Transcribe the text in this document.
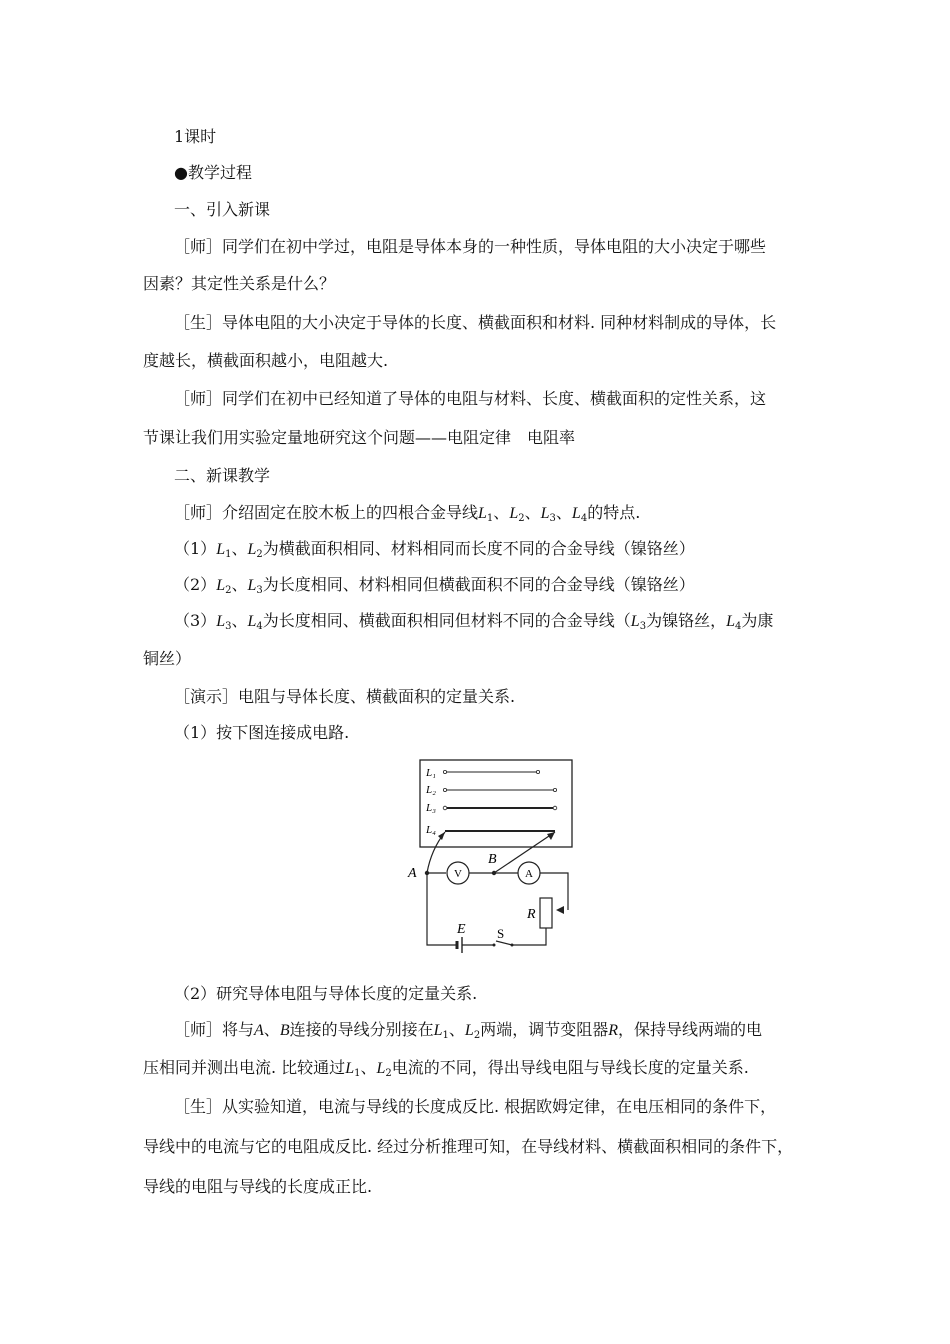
1课时
●教学过程
一、引入新课
［师］同学们在初中学过，电阻是导体本身的一种性质，导体电阻的大小决定于哪些
因素？其定性关系是什么？
［生］导体电阻的大小决定于导体的长度、横截面积和材料. 同种材料制成的导体，长
度越长，横截面积越小，电阻越大.
［师］同学们在初中已经知道了导体的电阻与材料、长度、横截面积的定性关系，这
节课让我们用实验定量地研究这个问题——电阻定律　电阻率
二、新课教学
［师］介绍固定在胶木板上的四根合金导线$L_1$、$L_2$、$L_3$、$L_4$的特点.
$(1)L_1$、$L_2$为横截面积相同、材料相同而长度不同的合金导线（镍铬丝）
$(2)L_2$、$L_3$为长度相同、材料相同但横截面积不同的合金导线（镍铬丝）
$(3)L_3$、$L_4$为长度相同、横截面积相同但材料不同的合金导线（$L_3$为镍铬丝，$L_4$为康
铜丝）
［演示］电阻与导体长度、横截面积的定量关系.
（1）按下图连接成电路.
L₁
L₂
L₃
L₄
V	A
A
B
R
S
E
（2）研究导体电阻与导体长度的定量关系.
［师］将与A、B连接的导线分别接在$L_1$、$L_2$两端，调节变阻器R，保持导线两端的电
压相同并测出电流. 比较通过$L_1$、$L_2$电流的不同，得出导线电阻与导线长度的定量关系.
［生］从实验知道，电流与导线的长度成反比. 根据欧姆定律，在电压相同的条件下，
导线中的电流与它的电阻成反比. 经过分析推理可知，在导线材料、横截面积相同的条件下，
导线的电阻与导线的长度成正比.
